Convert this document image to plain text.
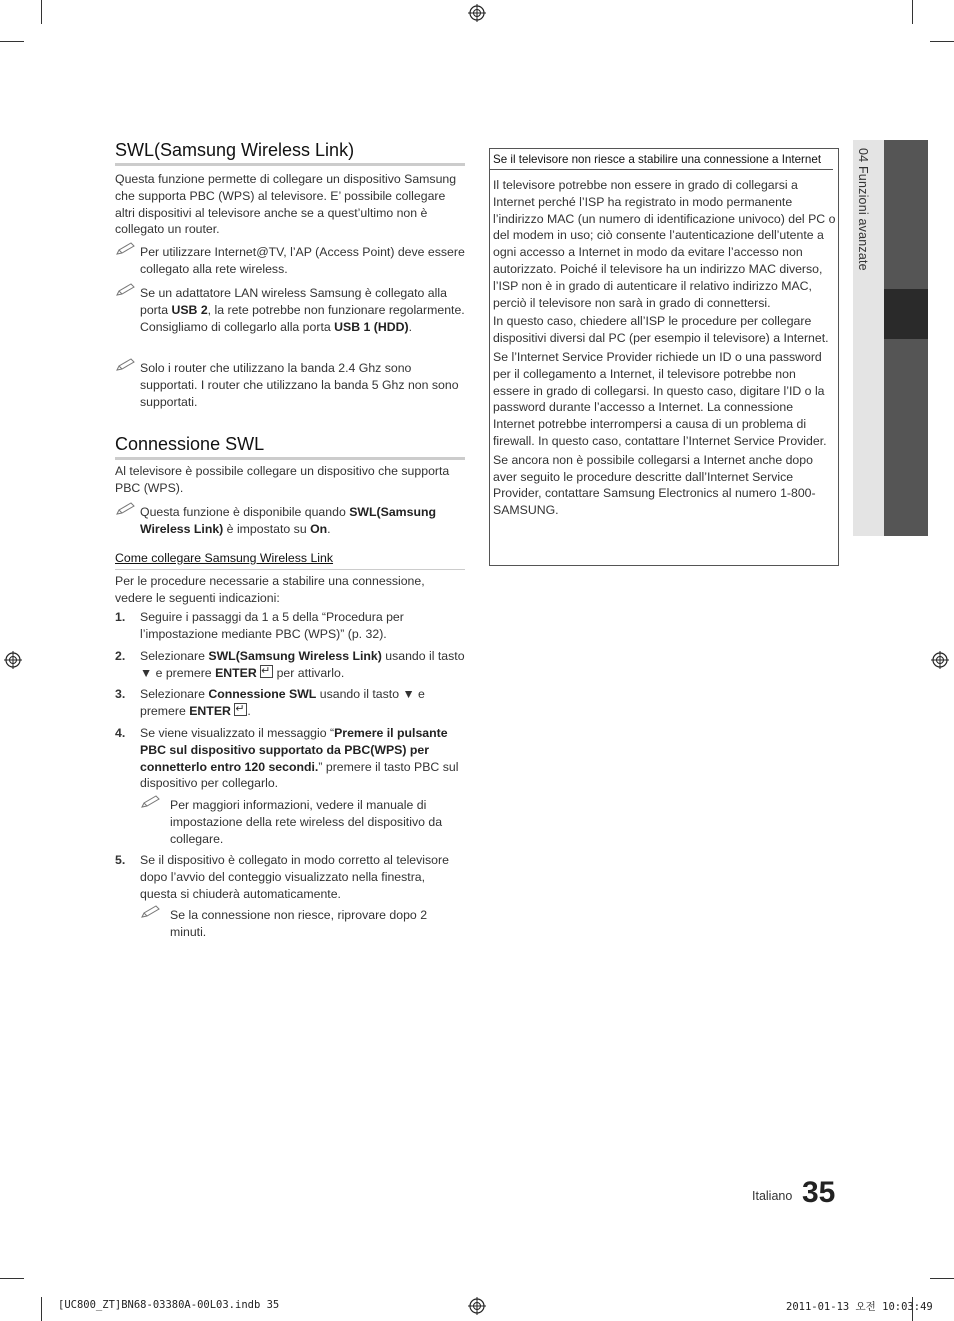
04 Funzioni avanzate
SWL(Samsung Wireless Link)

Questa funzione permette di collegare un dispositivo Samsung che supporta PBC (WPS) al televisore. E’ possibile collegare altri dispositivi al televisore anche se a quest’ultimo non è collegato un router.

Per utilizzare Internet@TV, l’AP (Access Point) deve essere collegato alla rete wireless.
Se un adattatore LAN wireless Samsung è collegato alla porta USB 2, la rete potrebbe non funzionare regolarmente. Consigliamo di collegarlo alla porta USB 1 (HDD).
Solo i router che utilizzano la banda 2.4 Ghz sono supportati. I router che utilizzano la banda 5 Ghz non sono supportati.
Connessione SWL

Al televisore è possibile collegare un dispositivo che supporta PBC (WPS).

Questa funzione è disponibile quando SWL(Samsung Wireless Link) è impostato su On.
Come collegare Samsung Wireless Link

Per le procedure necessarie a stabilire una connessione, vedere le seguenti indicazioni:

1. Seguire i passaggi da 1 a 5 della “Procedura per l’impostazione mediante PBC (WPS)” (p. 32).
2. Selezionare SWL(Samsung Wireless Link) usando il tasto ▼ e premere ENTER ↵ per attivarlo.
3. Selezionare Connessione SWL usando il tasto ▼ e premere ENTER ↵ .
4. Se viene visualizzato il messaggio “Premere il pulsante PBC sul dispositivo supportato da PBC(WPS) per connetterlo entro 120 secondi.” premere il tasto PBC sul dispositivo per collegarlo.
Per maggiori informazioni, vedere il manuale di impostazione della rete wireless del dispositivo da collegare.
5. Se il dispositivo è collegato in modo corretto al televisore dopo l’avvio del conteggio visualizzato nella finestra, questa si chiuderà automaticamente.
Se la connessione non riesce, riprovare dopo 2 minuti.
Se il televisore non riesce a stabilire una connessione a Internet

Il televisore potrebbe non essere in grado di collegarsi a Internet perché l’ISP ha registrato in modo permanente l’indirizzo MAC (un numero di identificazione univoco) del PC o del modem in uso; ciò consente l’autenticazione dell’utente a ogni accesso a Internet in modo da evitare l’accesso non autorizzato. Poiché il televisore ha un indirizzo MAC diverso, l’ISP non è in grado di autenticare il relativo indirizzo MAC, perciò il televisore non sarà in grado di connettersi.

In questo caso, chiedere all’ISP le procedure per collegare dispositivi diversi dal PC (per esempio il televisore) a Internet.

Se l’Internet Service Provider richiede un ID o una password per il collegamento a Internet, il televisore potrebbe non essere in grado di collegarsi. In questo caso, digitare l’ID o la password durante l’accesso a Internet. La connessione Internet potrebbe interrompersi a causa di un problema di firewall. In questo caso, contattare l’Internet Service Provider.

Se ancora non è possibile collegarsi a Internet anche dopo aver seguito le procedure descritte dall’Internet Service Provider, contattare Samsung Electronics al numero 1-800-SAMSUNG.

Italiano 35
[UC800_ZT]BN68-03380A-00L03.indb 35	2011-01-13 오전 10:03:49
